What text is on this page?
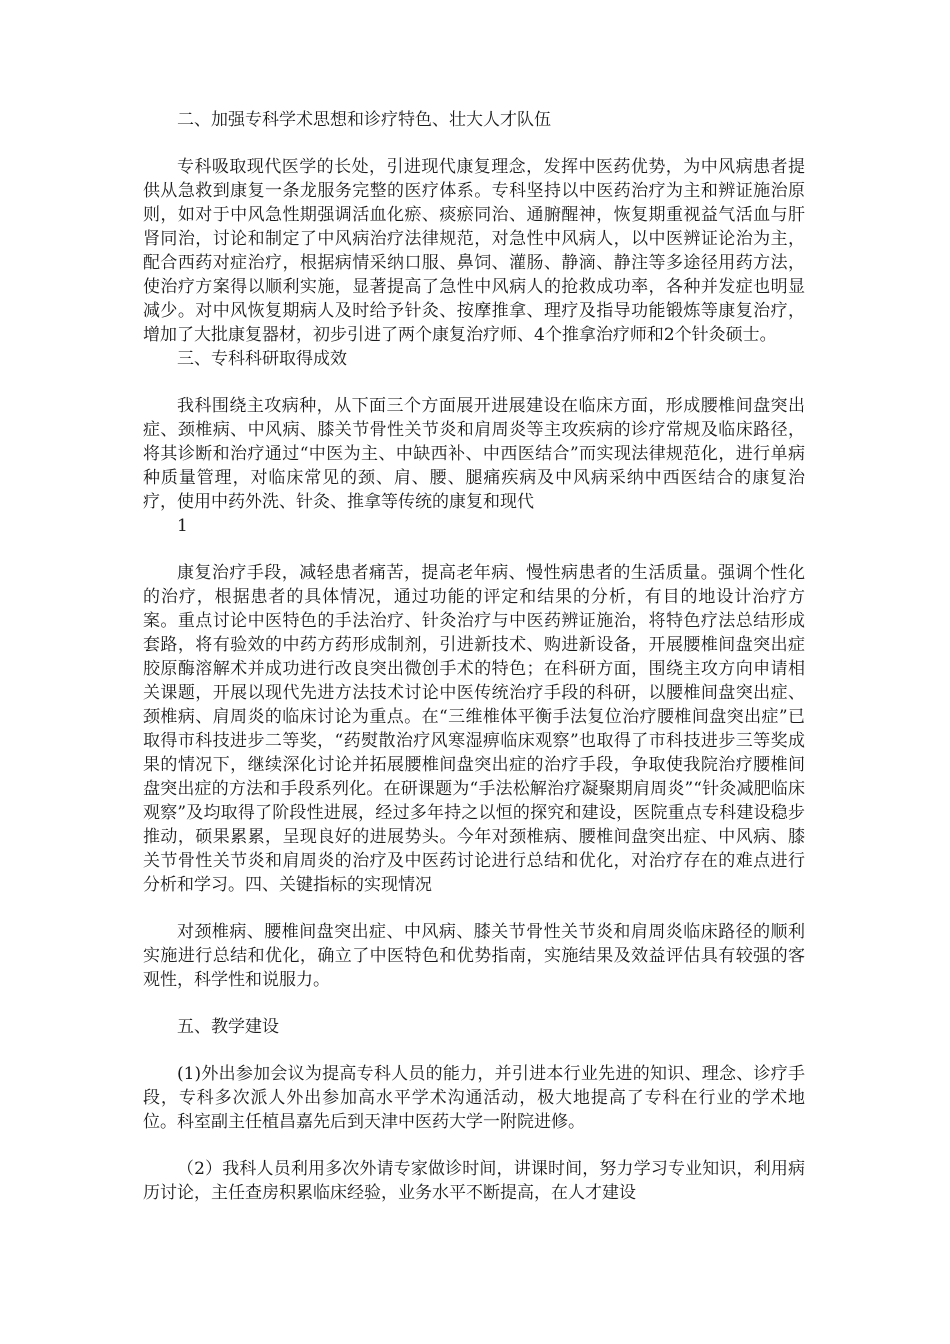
二、加强专科学术思想和诊疗特色、壮大人才队伍

专科吸取现代医学的长处，引进现代康复理念，发挥中医药优势，为中风病患者提供从急救到康复一条龙服务完整的医疗体系。专科坚持以中医药治疗为主和辨证施治原则，如对于中风急性期强调活血化瘀、痰瘀同治、通腑醒神，恢复期重视益气活血与肝肾同治，讨论和制定了中风病治疗法律规范，对急性中风病人，以中医辨证论治为主，配合西药对症治疗，根据病情采纳口服、鼻饲、灌肠、静滴、静注等多途径用药方法，使治疗方案得以顺利实施，显著提高了急性中风病人的抢救成功率，各种并发症也明显减少。对中风恢复期病人及时给予针灸、按摩推拿、理疗及指导功能锻炼等康复治疗，增加了大批康复器材，初步引进了两个康复治疗师、4个推拿治疗师和2个针灸硕士。

三、专科科研取得成效

我科围绕主攻病种，从下面三个方面展开进展建设在临床方面，形成腰椎间盘突出症、颈椎病、中风病、膝关节骨性关节炎和肩周炎等主攻疾病的诊疗常规及临床路径，将其诊断和治疗通过“中医为主、中缺西补、中西医结合”而实现法律规范化，进行单病种质量管理，对临床常见的颈、肩、腰、腿痛疾病及中风病采纳中西医结合的康复治疗，使用中药外洗、针灸、推拿等传统的康复和现代

1

康复治疗手段，减轻患者痛苦，提高老年病、慢性病患者的生活质量。强调个性化的治疗，根据患者的具体情况，通过功能的评定和结果的分析，有目的地设计治疗方案。重点讨论中医特色的手法治疗、针灸治疗与中医药辨证施治，将特色疗法总结形成套路，将有验效的中药方药形成制剂，引进新技术、购进新设备，开展腰椎间盘突出症胶原酶溶解术并成功进行改良突出微创手术的特色；在科研方面，围绕主攻方向申请相关课题，开展以现代先进方法技术讨论中医传统治疗手段的科研，以腰椎间盘突出症、颈椎病、肩周炎的临床讨论为重点。在“三维椎体平衡手法复位治疗腰椎间盘突出症”已取得市科技进步二等奖，“药熨散治疗风寒湿痹临床观察”也取得了市科技进步三等奖成果的情况下，继续深化讨论并拓展腰椎间盘突出症的治疗手段，争取使我院治疗腰椎间盘突出症的方法和手段系列化。在研课题为“手法松解治疗凝聚期肩周炎”“针灸减肥临床观察”及均取得了阶段性进展，经过多年持之以恒的探究和建设，医院重点专科建设稳步推动，硕果累累，呈现良好的进展势头。今年对颈椎病、腰椎间盘突出症、中风病、膝关节骨性关节炎和肩周炎的治疗及中医药讨论进行总结和优化，对治疗存在的难点进行分析和学习。四、关键指标的实现情况

对颈椎病、腰椎间盘突出症、中风病、膝关节骨性关节炎和肩周炎临床路径的顺利实施进行总结和优化，确立了中医特色和优势指南，实施结果及效益评估具有较强的客观性，科学性和说服力。

五、教学建设

(1)外出参加会议为提高专科人员的能力，并引进本行业先进的知识、理念、诊疗手段，专科多次派人外出参加高水平学术沟通活动，极大地提高了专科在行业的学术地位。科室副主任植昌嘉先后到天津中医药大学一附院进修。

（2）我科人员利用多次外请专家做诊时间，讲课时间，努力学习专业知识，利用病历讨论，主任查房积累临床经验，业务水平不断提高，在人才建设
